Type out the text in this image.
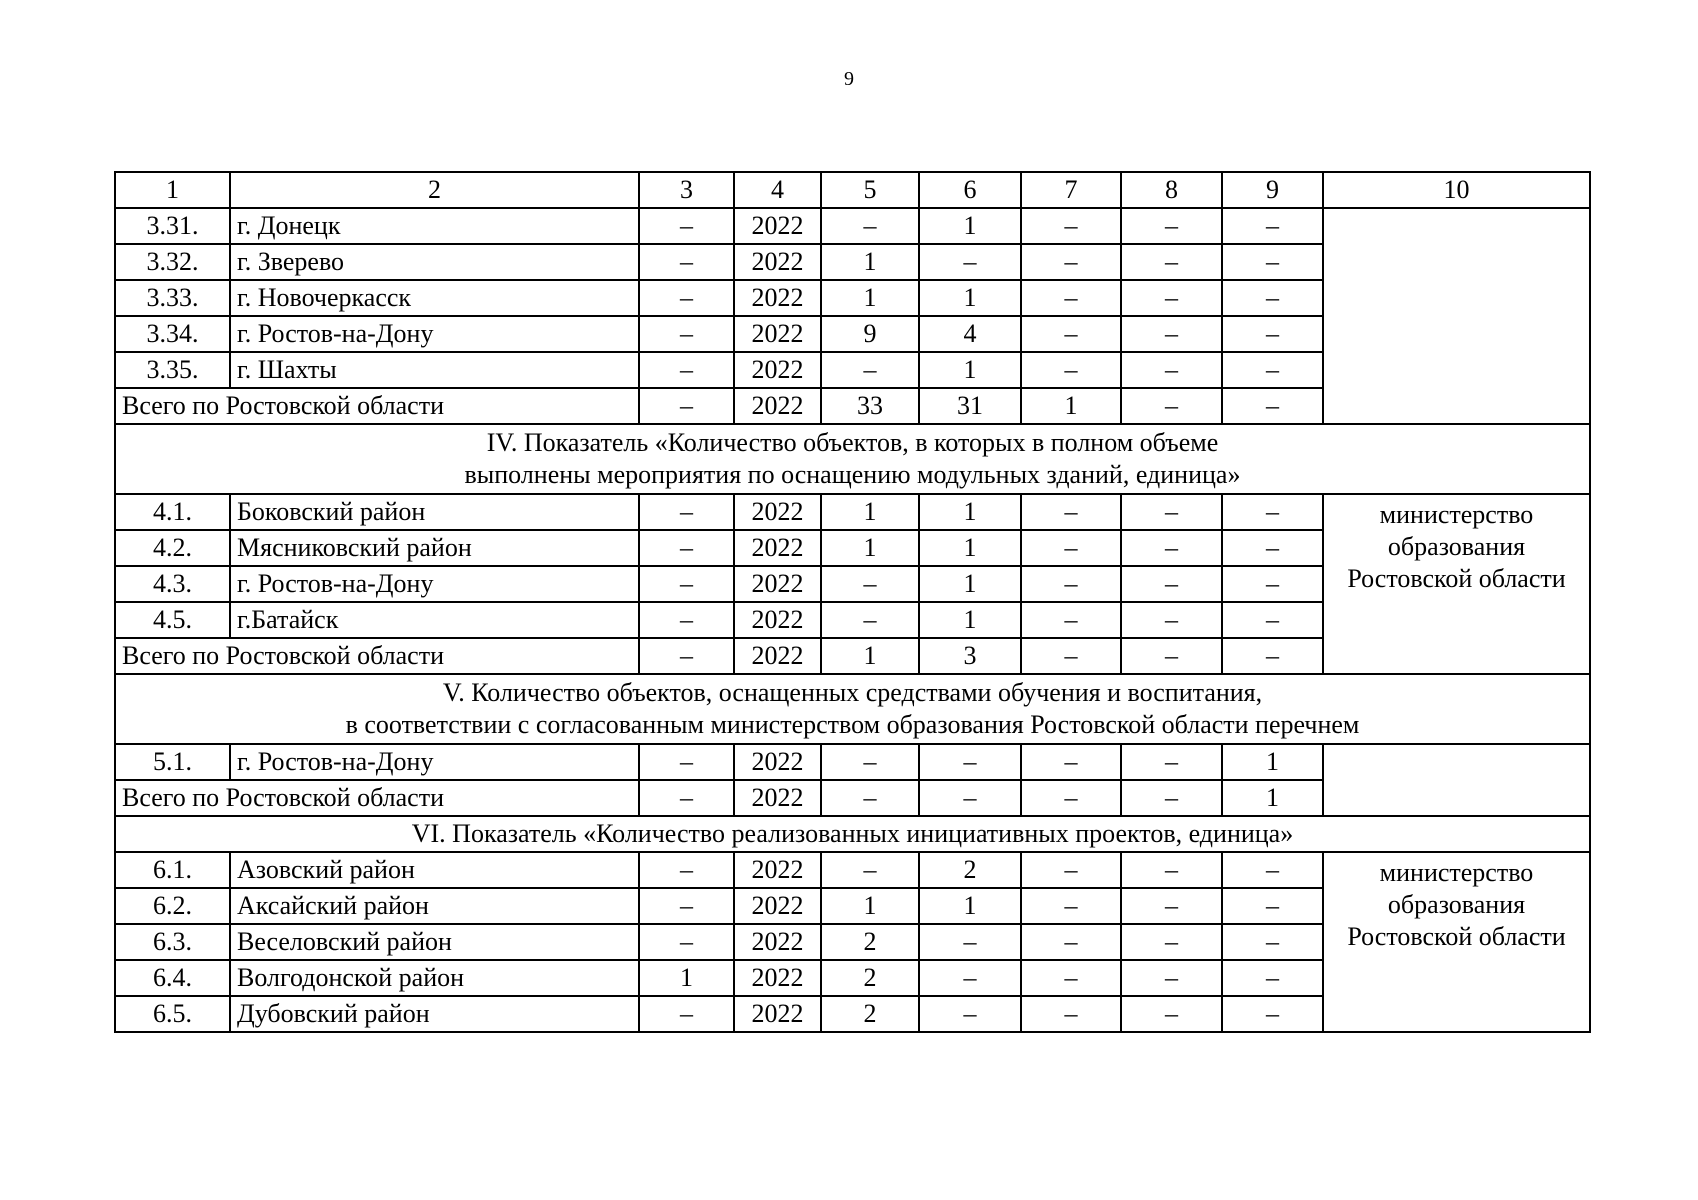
9
1	2	3	4	5	6	7	8	9	10
3.31.	г. Донецк	–	2022	–	1	–	–	–	
3.32.	г. Зверево	–	2022	1	–	–	–	–	
3.33.	г. Новочеркасск	–	2022	1	1	–	–	–	
3.34.	г. Ростов-на-Дону	–	2022	9	4	–	–	–	
3.35.	г. Шахты	–	2022	–	1	–	–	–	
Всего по Ростовской области		–	2022	33	31	1	–	–	

IV. Показатель «Количество объектов, в которых в полном объеме
выполнены мероприятия по оснащению модульных зданий, единица»									

4.1.	Боковский район	–	2022	1	1	–	–	–	министерство
образования
Ростовской области

4.2.	Мясниковский район	–	2022	1	1	–	–	–	
4.3.	г. Ростов-на-Дону	–	2022	–	1	–	–	–	
4.5.	г.Батайск	–	2022	–	1	–	–	–	
Всего по Ростовской области		–	2022	1	3	–	–	–	

V. Количество объектов, оснащенных средствами обучения и воспитания,
в соответствии с согласованным министерством образования Ростовской области перечнем									

5.1.	г. Ростов-на-Дону	–	2022	–	–	–	–	1	
Всего по Ростовской области		–	2022	–	–	–	–	1	

VI. Показатель «Количество реализованных инициативных проектов, единица»									

6.1.	Азовский район	–	2022	–	2	–	–	–	министерство
образования
Ростовской области

6.2.	Аксайский район	–	2022	1	1	–	–	–	
6.3.	Веселовский район	–	2022	2	–	–	–	–	
6.4.	Волгодонской район	1	2022	2	–	–	–	–	
6.5.	Дубовский район	–	2022	2	–	–	–	–	
